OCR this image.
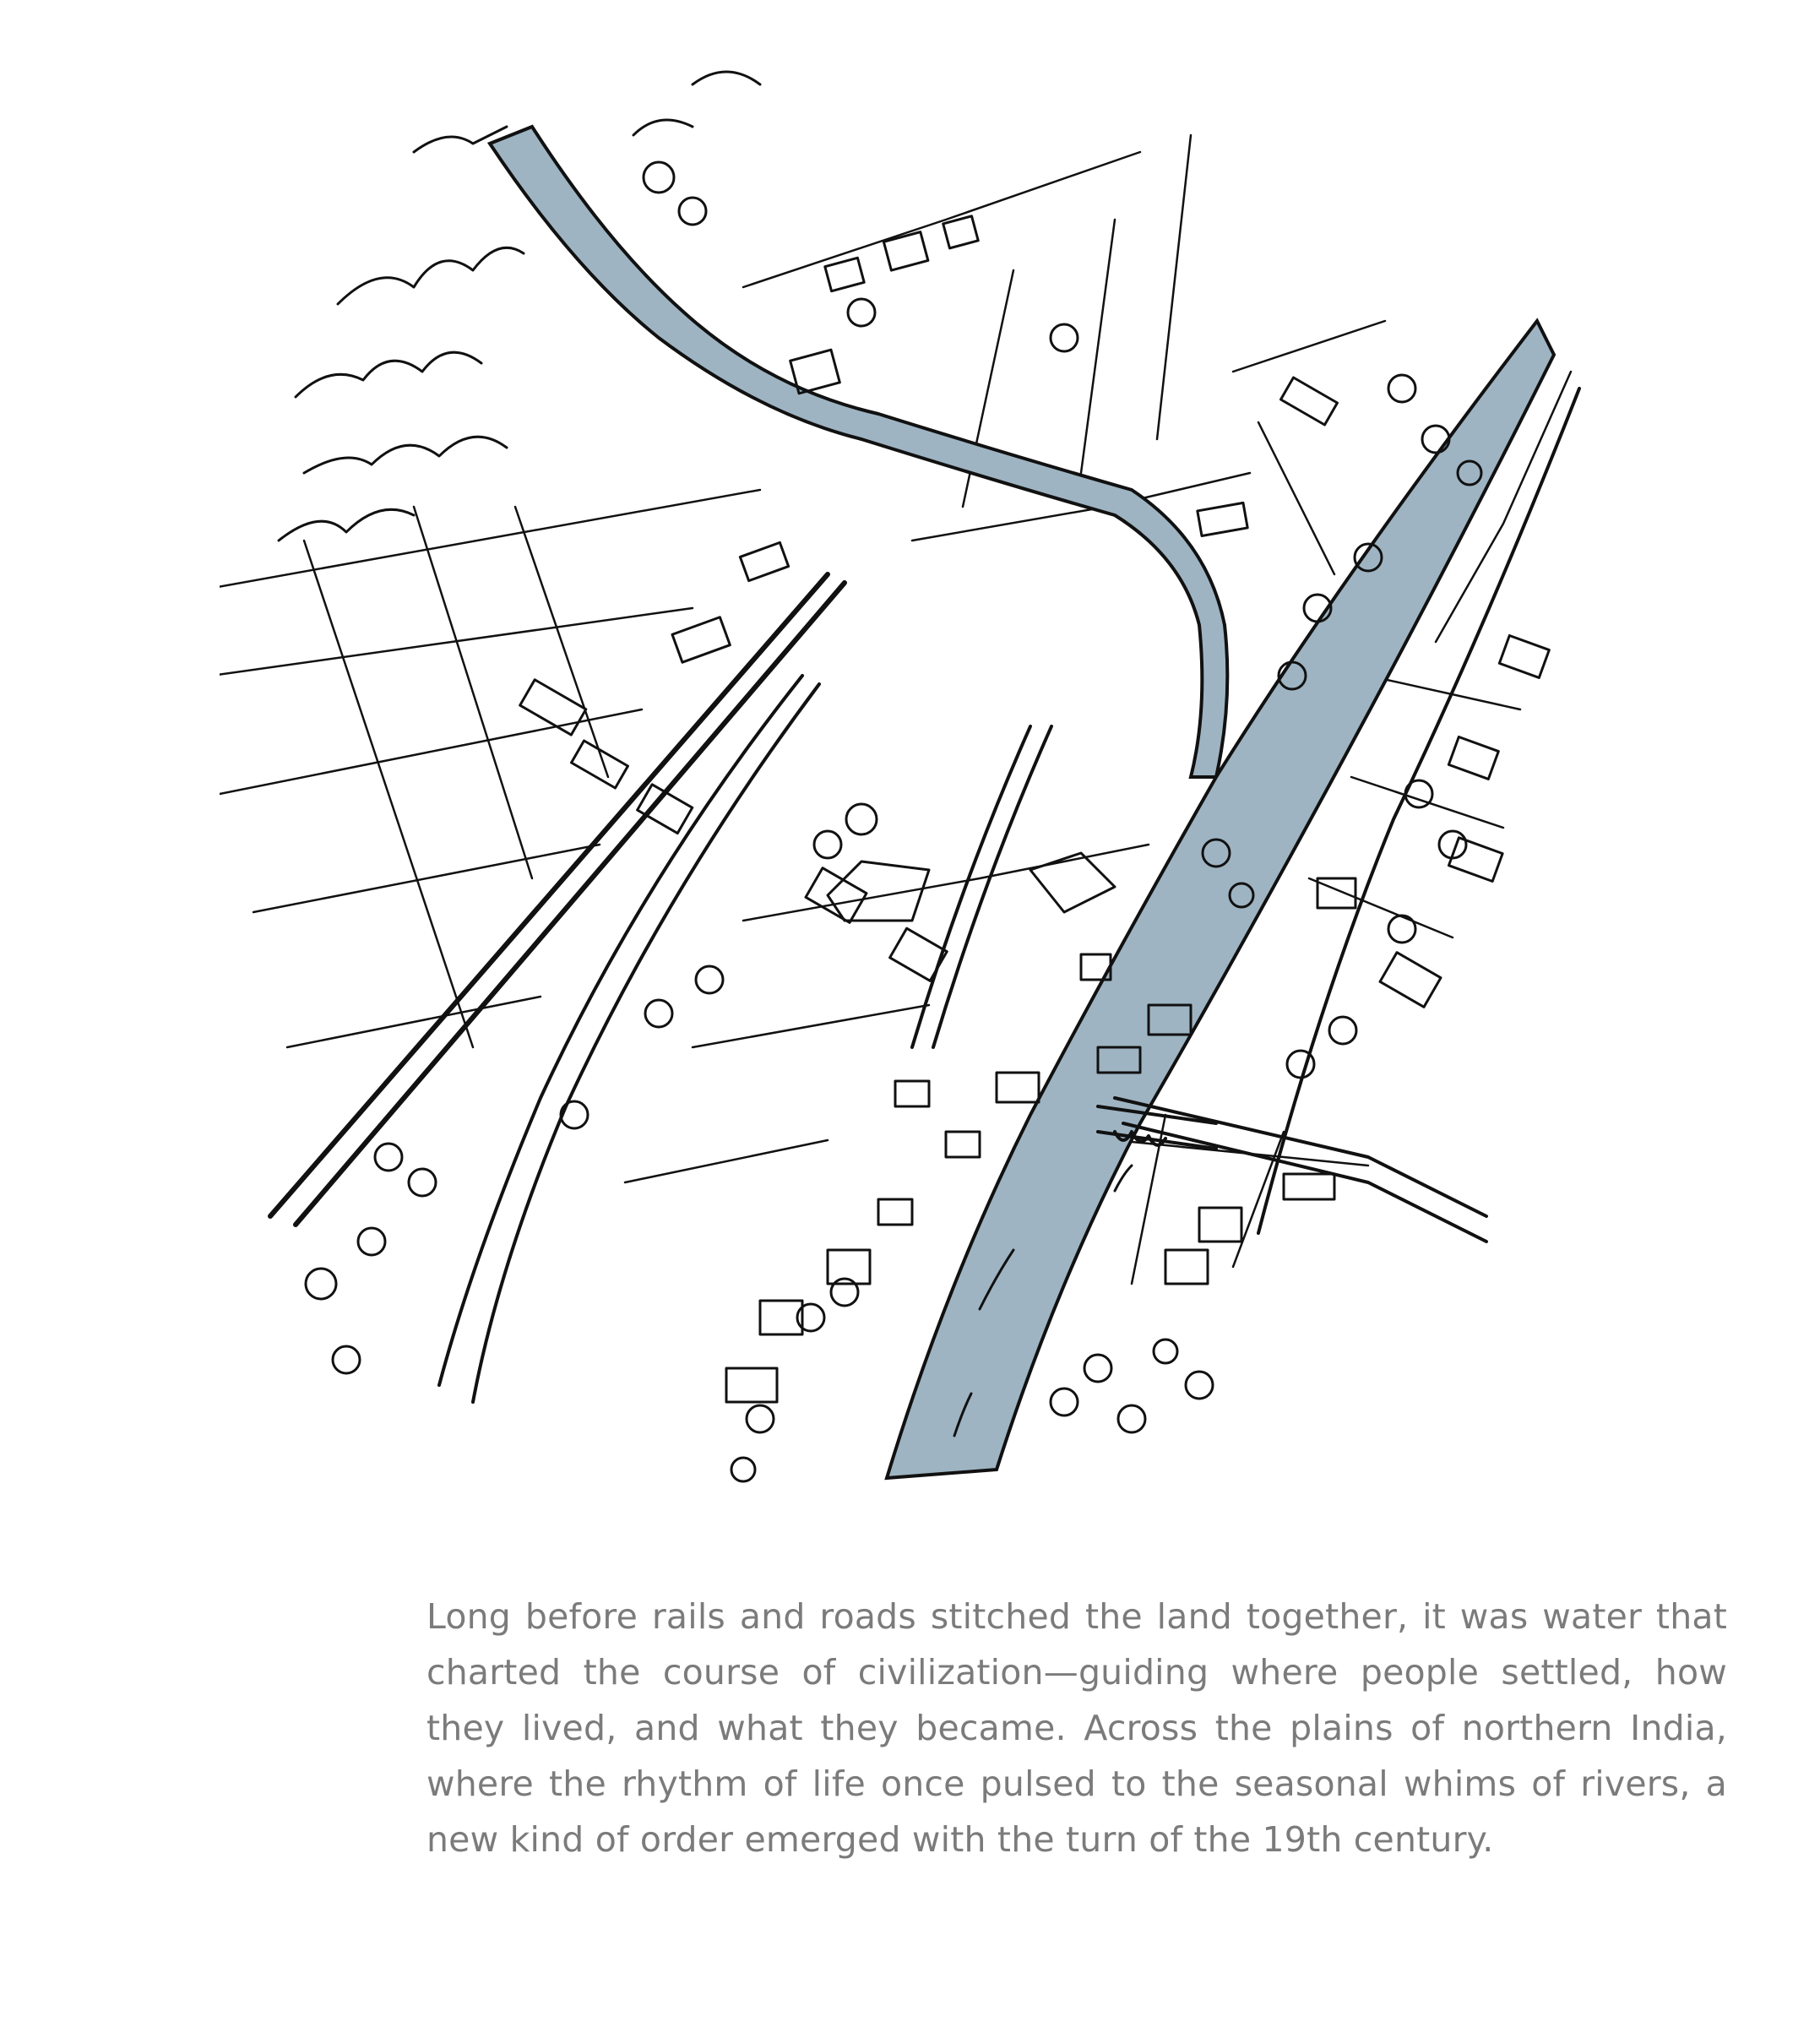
Long before rails and roads stitched the land together, it was water that charted the course of civilization—guiding where people settled, how they lived, and what they became. Across the plains of northern India, where the rhythm of life once pulsed to the seasonal whims of rivers, a new kind of order emerged with the turn of the 19th century.
